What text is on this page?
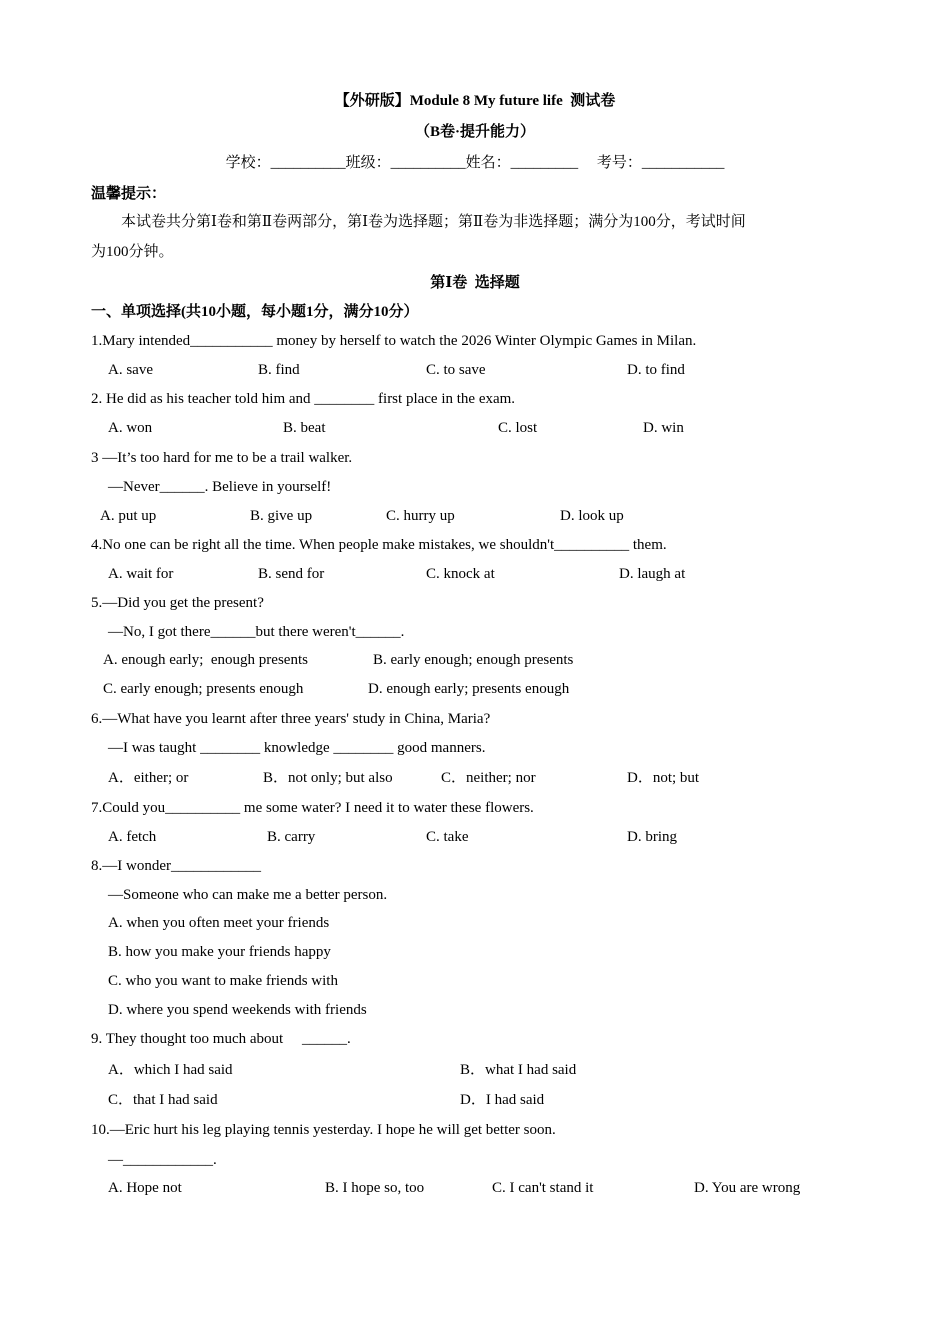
【外研版】Module 8 My future life  测试卷
（B卷·提升能力）
学校：__________班级：__________姓名：_________     考号：___________
温馨提示：
本试卷共分第Ⅰ卷和第Ⅱ卷两部分，第Ⅰ卷为选择题；第Ⅱ卷为非选择题；满分为100分，考试时间
为100分钟。
第Ⅰ卷  选择题
一、单项选择(共10小题，每小题1分，满分10分）
1.Mary intended___________ money by herself to watch the 2026 Winter Olympic Games in Milan.
A. save	B. find	C. to save	D. to find
2. He did as his teacher told him and ________ first place in the exam.
A. won	B. beat	C. lost	D. win
3 —It’s too hard for me to be a trail walker.
—Never______. Believe in yourself!
A. put up	B. give up	C. hurry up	D. look up
4.No one can be right all the time. When people make mistakes, we shouldn't__________ them.
A. wait for	B. send for	C. knock at	D. laugh at
5.—Did you get the present?
—No, I got there______but there weren't______.
A. enough early;  enough presents	B. early enough; enough presents
C. early enough; presents enough	D. enough early; presents enough
6.—What have you learnt after three years' study in China, Maria?
—I was taught ________ knowledge ________ good manners.
A．either; or	B．not only; but also	C．neither; nor	D．not; but
7.Could you__________ me some water? I need it to water these flowers.
A. fetch	B. carry	C. take	D. bring
8.—I wonder____________
—Someone who can make me a better person.
A. when you often meet your friends
B. how you make your friends happy
C. who you want to make friends with
D. where you spend weekends with friends
9. They thought too much about     ______.
A．which I had said	B．what I had said
C．that I had said	D．I had said
10.—Eric hurt his leg playing tennis yesterday. I hope he will get better soon.
—____________.
A. Hope not	B. I hope so, too	C. I can't stand it	D. You are wrong
